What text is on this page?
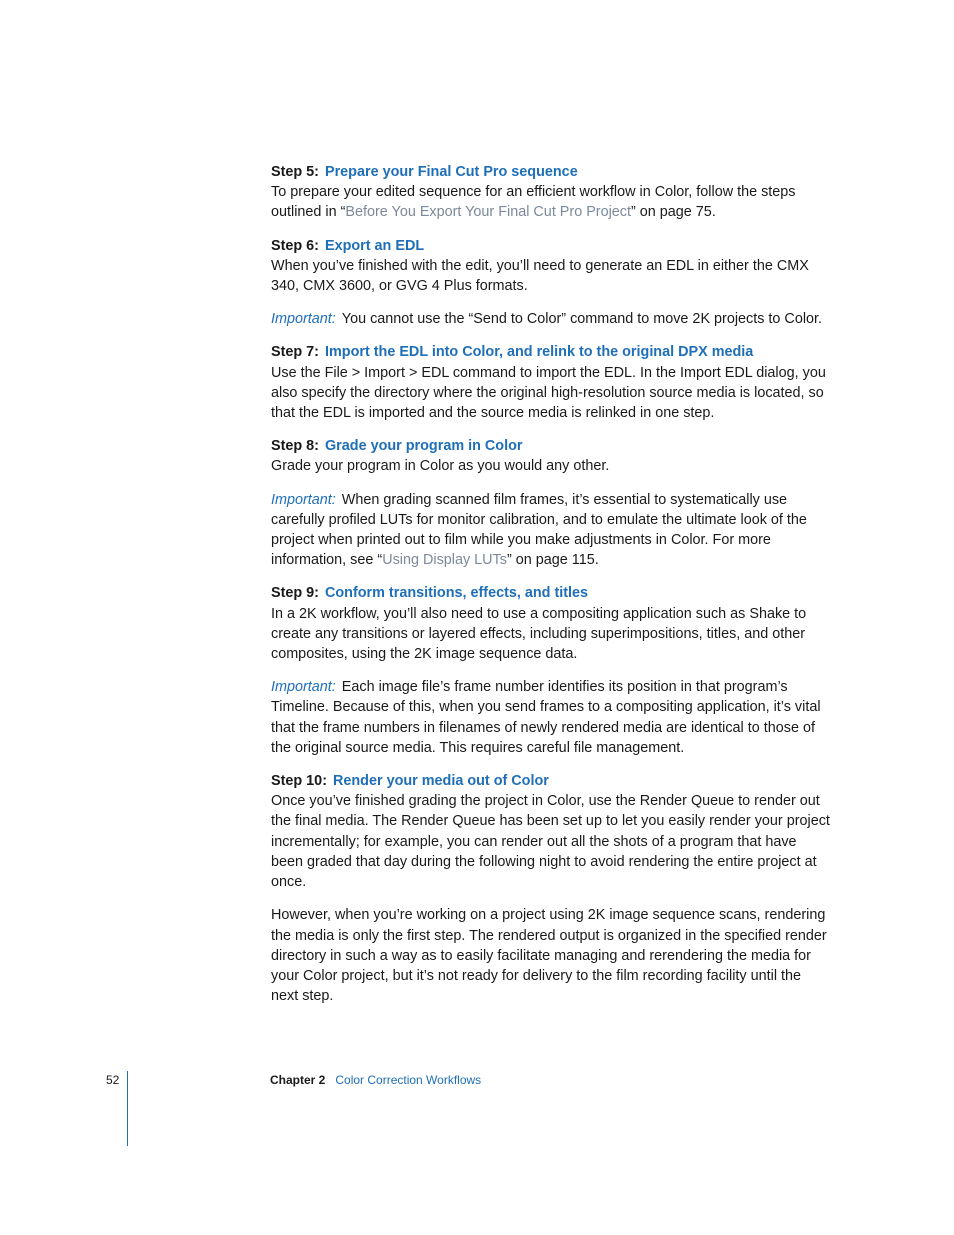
Step 5: Prepare your Final Cut Pro sequence

To prepare your edited sequence for an efficient workflow in Color, follow the steps outlined in “Before You Export Your Final Cut Pro Project” on page 75.

Step 6: Export an EDL

When you’ve finished with the edit, you’ll need to generate an EDL in either the CMX 340, CMX 3600, or GVG 4 Plus formats.

Important: You cannot use the “Send to Color” command to move 2K projects to Color.

Step 7: Import the EDL into Color, and relink to the original DPX media

Use the File > Import > EDL command to import the EDL. In the Import EDL dialog, you also specify the directory where the original high-resolution source media is located, so that the EDL is imported and the source media is relinked in one step.

Step 8: Grade your program in Color

Grade your program in Color as you would any other.

Important: When grading scanned film frames, it’s essential to systematically use carefully profiled LUTs for monitor calibration, and to emulate the ultimate look of the project when printed out to film while you make adjustments in Color. For more information, see “Using Display LUTs” on page 115.

Step 9: Conform transitions, effects, and titles

In a 2K workflow, you’ll also need to use a compositing application such as Shake to create any transitions or layered effects, including superimpositions, titles, and other composites, using the 2K image sequence data.

Important: Each image file’s frame number identifies its position in that program’s Timeline. Because of this, when you send frames to a compositing application, it’s vital that the frame numbers in filenames of newly rendered media are identical to those of the original source media. This requires careful file management.

Step 10: Render your media out of Color

Once you’ve finished grading the project in Color, use the Render Queue to render out the final media. The Render Queue has been set up to let you easily render your project incrementally; for example, you can render out all the shots of a program that have been graded that day during the following night to avoid rendering the entire project at once.

However, when you’re working on a project using 2K image sequence scans, rendering the media is only the first step. The rendered output is organized in the specified render directory in such a way as to easily facilitate managing and rerendering the media for your Color project, but it’s not ready for delivery to the film recording facility until the next step.

52	Chapter 2 Color Correction Workflows
